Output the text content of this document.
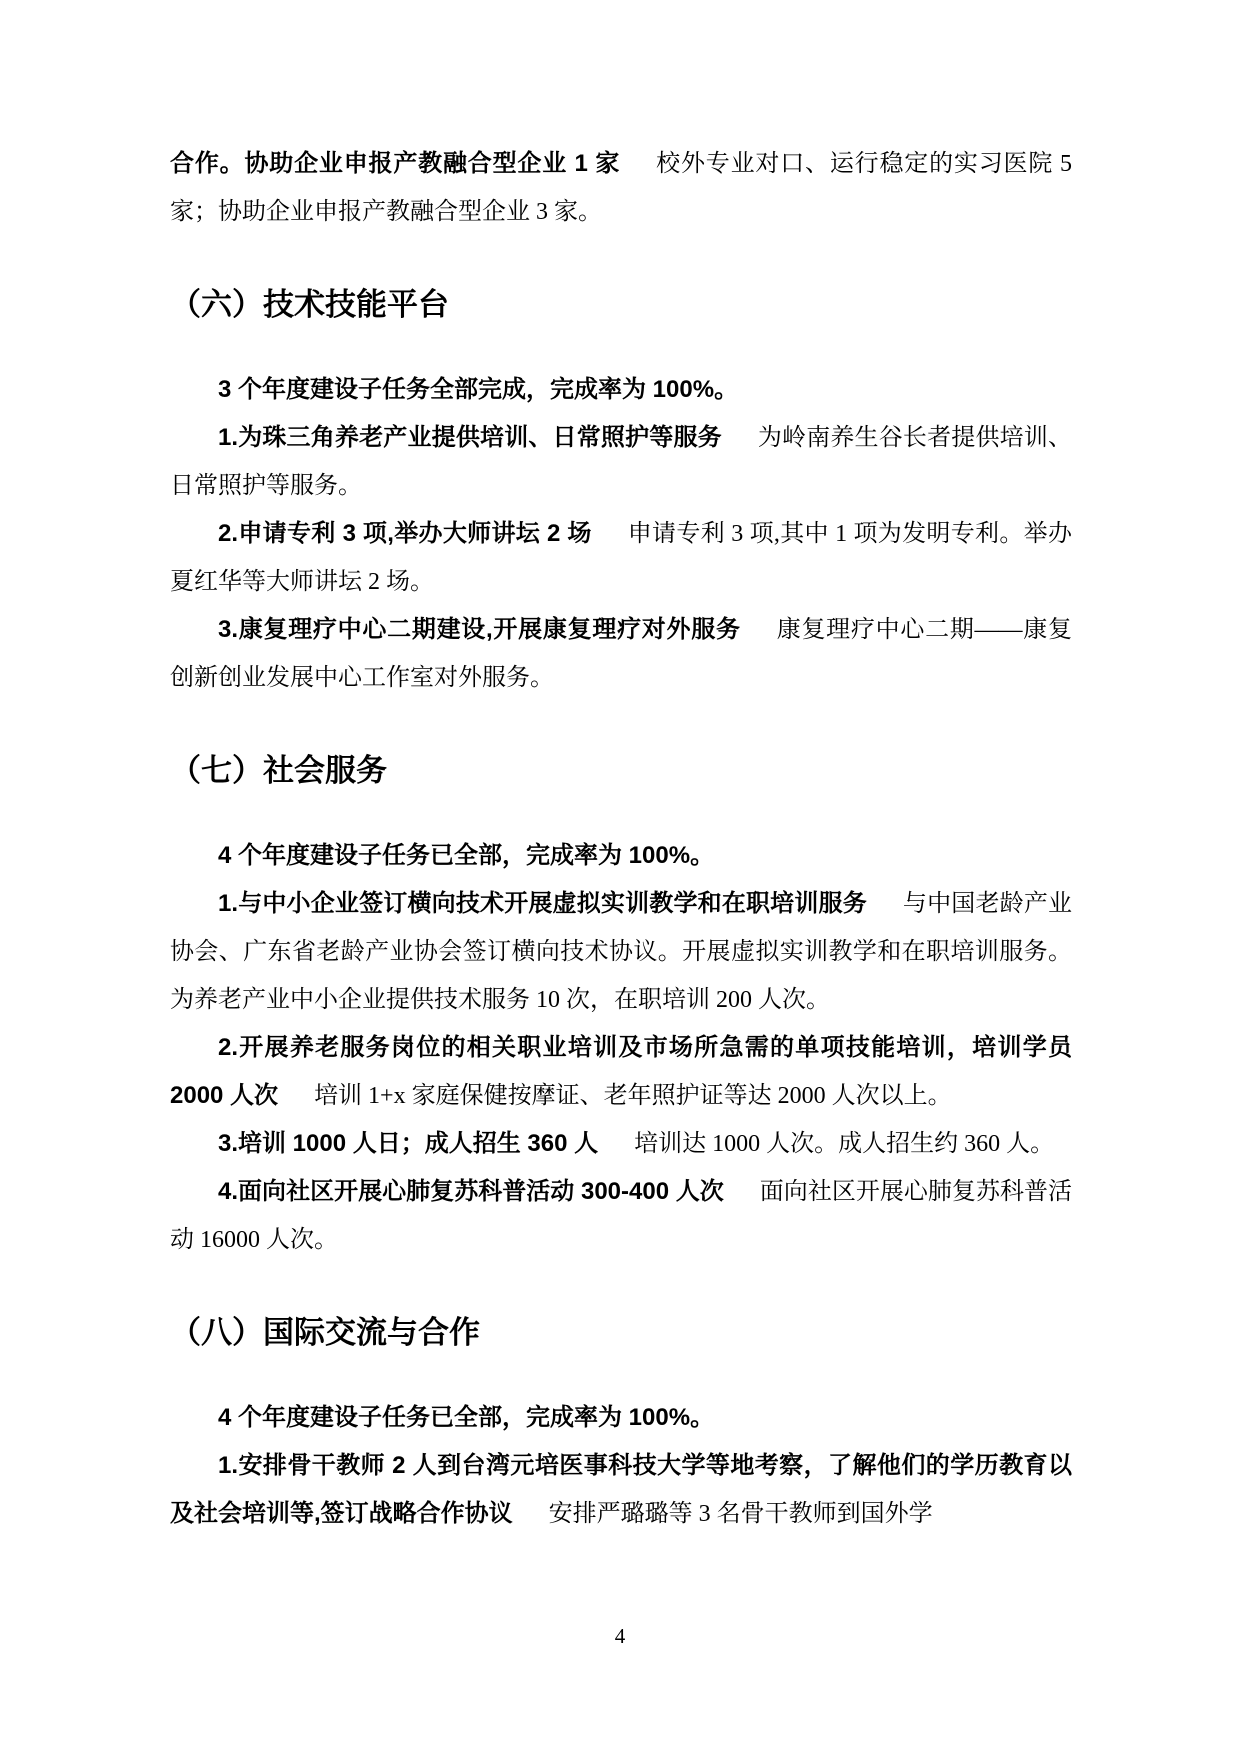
合作。协助企业申报产教融合型企业 1 家 校外专业对口、运行稳定的实习医院 5 家；协助企业申报产教融合型企业 3 家。

（六）技术技能平台

3 个年度建设子任务全部完成，完成率为 100%。

1.为珠三角养老产业提供培训、日常照护等服务 为岭南养生谷长者提供培训、日常照护等服务。

2.申请专利 3 项,举办大师讲坛 2 场 申请专利 3 项,其中 1 项为发明专利。举办夏红华等大师讲坛 2 场。

3.康复理疗中心二期建设,开展康复理疗对外服务 康复理疗中心二期——康复创新创业发展中心工作室对外服务。

（七）社会服务

4 个年度建设子任务已全部，完成率为 100%。

1.与中小企业签订横向技术开展虚拟实训教学和在职培训服务 与中国老龄产业协会、广东省老龄产业协会签订横向技术协议。开展虚拟实训教学和在职培训服务。为养老产业中小企业提供技术服务 10 次，在职培训 200 人次。

2.开展养老服务岗位的相关职业培训及市场所急需的单项技能培训，培训学员 2000 人次 培训 1+x 家庭保健按摩证、老年照护证等达 2000 人次以上。

3.培训 1000 人日；成人招生 360 人 培训达 1000 人次。成人招生约 360 人。

4.面向社区开展心肺复苏科普活动 300-400 人次 面向社区开展心肺复苏科普活动 16000 人次。

（八）国际交流与合作

4 个年度建设子任务已全部，完成率为 100%。

1.安排骨干教师 2 人到台湾元培医事科技大学等地考察，了解他们的学历教育以及社会培训等,签订战略合作协议 安排严璐璐等 3 名骨干教师到国外学

4
